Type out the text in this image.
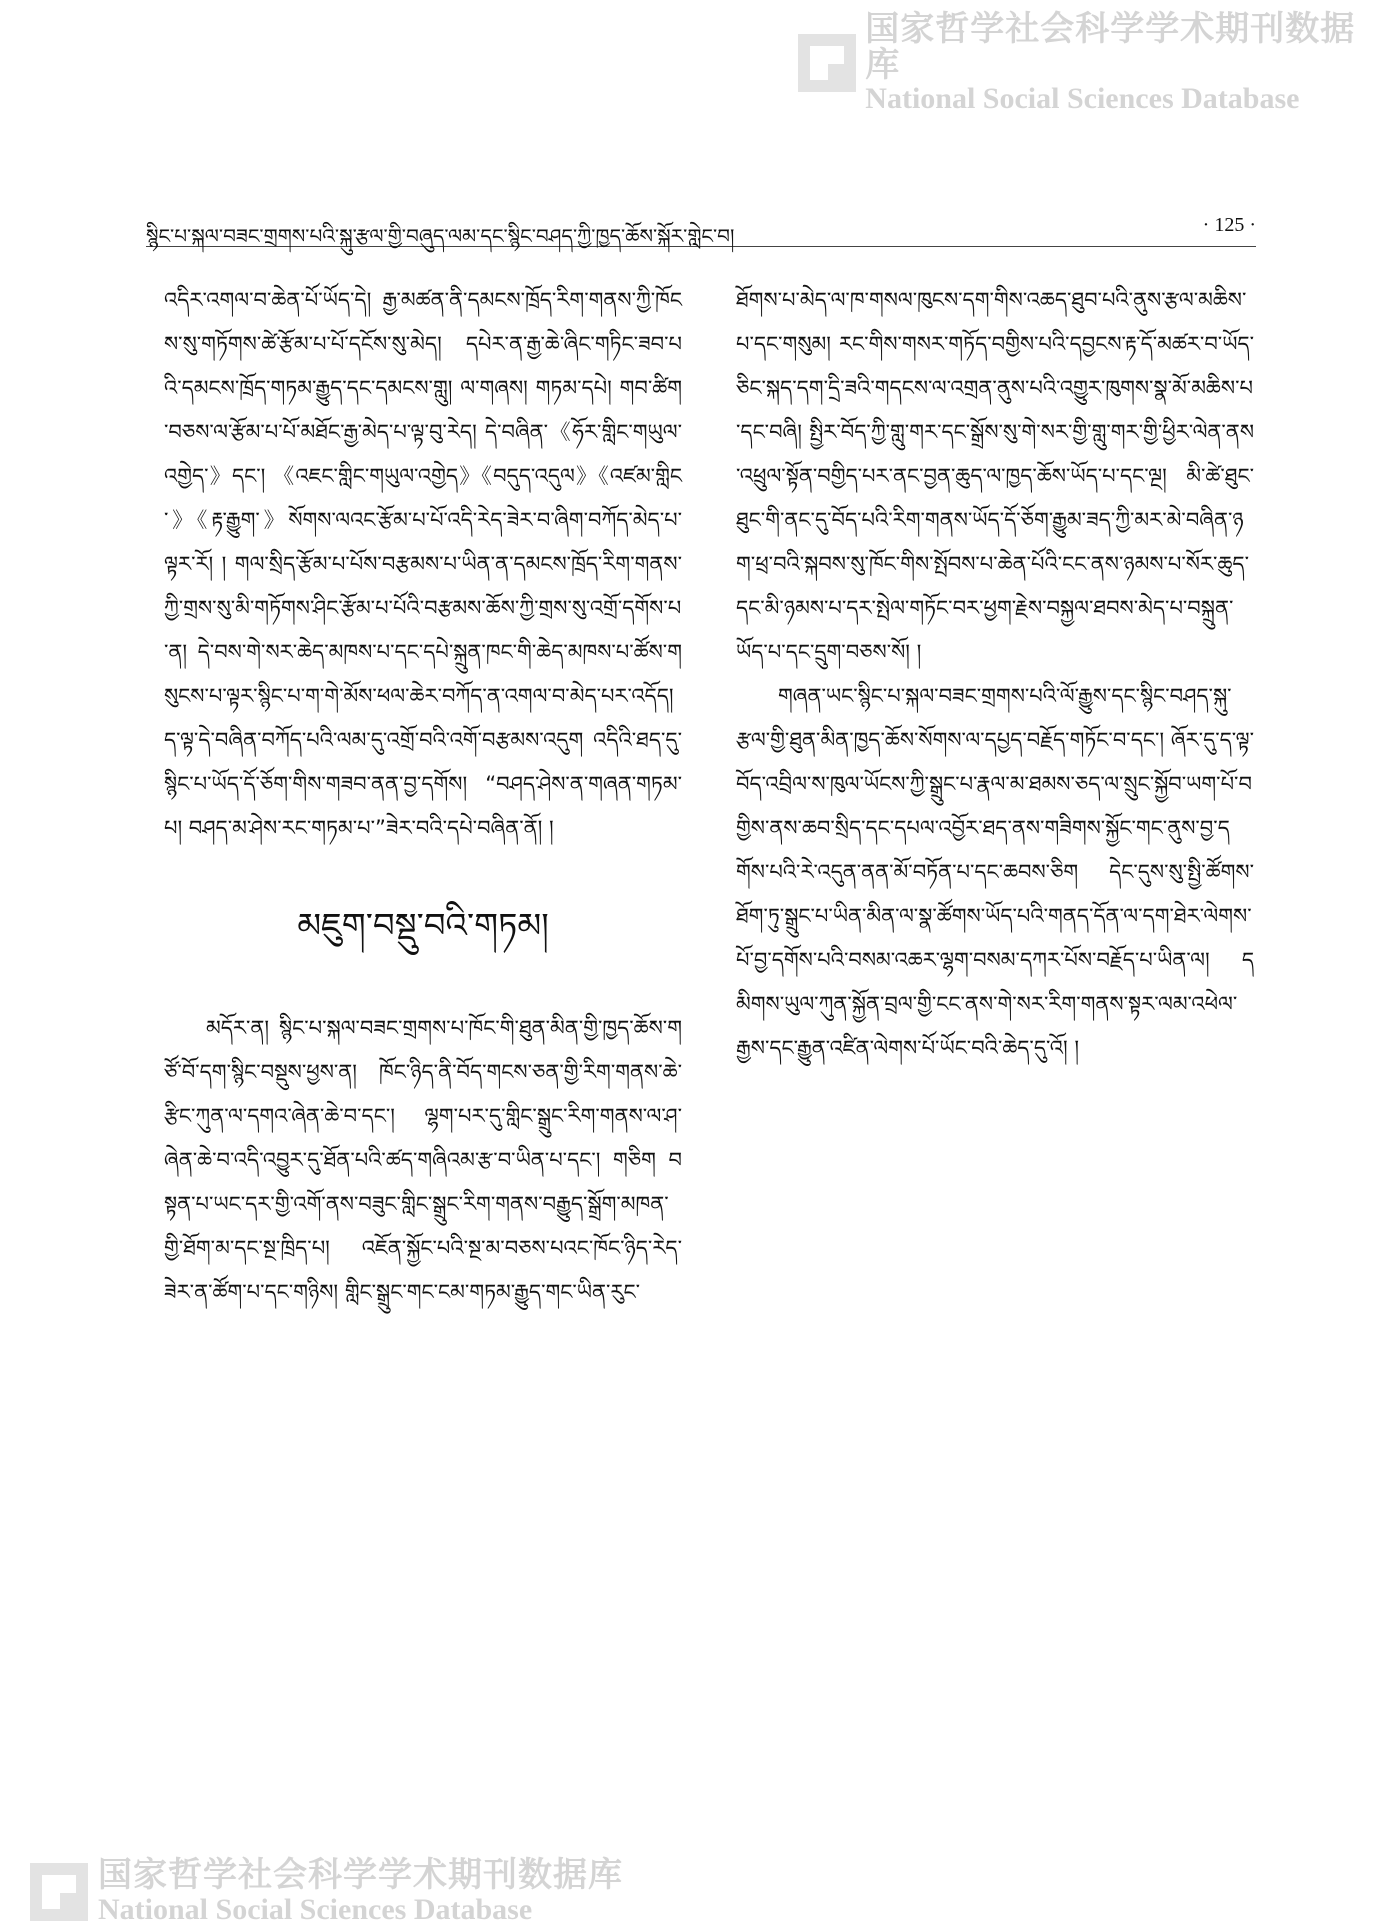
国家哲学社会科学学术期刊数据库
National Social Sciences Database
སྙིང་པ་སྐལ་བཟང་གྲགས་པའི་སྐུ་རྩལ་གྱི་བཞུད་ལམ་དང་སྙིང་བཤད་ཀྱི་ཁྱད་ཆོས་སྐོར་གླེང་བ།	· 125 ·

འདིར་འགལ་བ་ཆེན་པོ་ཡོད་དེ། རྒྱ་མཚན་ནི་དམངས་ཁྲོད་རིག་གནས་ཀྱི་ཁོངས་སུ་གཏོགས་ཚེ་རྩོམ་པ་པོ་དངོས་སུ་མེད། དཔེར་ན་རྒྱ་ཆེ་ཞིང་གཏིང་ཟབ་པའི་དམངས་ཁྲོད་གཏམ་རྒྱུད་དང་དམངས་གླུ། ལ་གཞས། གཏམ་དཔེ། གབ་ཚིག་བཅས་ལ་རྩོམ་པ་པོ་མཐོང་རྒྱ་མེད་པ་ལྟ་བུ་རེད། དེ་བཞིན་《ཧོར་གླིང་གཡུལ་འགྱེད་》དང་། 《འཇང་གླིང་གཡུལ་འགྱེད》《བདུད་འདུལ》《འཛམ་གླིང་》《རྟ་རྒྱུག་》སོགས་ལའང་རྩོམ་པ་པོ་འདི་རེད་ཟེར་བ་ཞིག་བཀོད་མེད་པ་ལྟར་རོ། ། གལ་སྲིད་རྩོམ་པ་པོས་བརྩམས་པ་ཡིན་ན་དམངས་ཁྲོད་རིག་གནས་ཀྱི་གྲས་སུ་མི་གཏོགས་ཤིང་རྩོམ་པ་པོའི་བརྩམས་ཆོས་ཀྱི་གྲས་སུ་འགྲོ་དགོས་པ་ན། དེ་བས་གེ་སར་ཆེད་མཁས་པ་དང་དཔེ་སྐྲུན་ཁང་གི་ཆེད་མཁས་པ་ཚོས་གསུངས་པ་ལྟར་སྙིང་པ་ག་གེ་མོས་ཕལ་ཆེར་བཀོད་ན་འགལ་བ་མེད་པར་འདོད། ད་ལྟ་དེ་བཞིན་བཀོད་པའི་ལམ་དུ་འགྲོ་བའི་འགོ་བརྩམས་འདུག འདིའི་ཐད་དུ་སྙིང་པ་ཡོད་དོ་ཅོག་གིས་གཟབ་ནན་བྱ་དགོས། “བཤད་ཤེས་ན་གཞན་གཏམ་པ། བཤད་མ་ཤེས་རང་གཏམ་པ་”ཟེར་བའི་དཔེ་བཞིན་ནོ། །

མཇུག་བསྡུ་བའི་གཏམ།

མདོར་ན། སྙིང་པ་སྐལ་བཟང་གྲགས་པ་ཁོང་གི་ཐུན་མིན་གྱི་ཁྱད་ཆོས་གཙོ་བོ་དག་སྙིང་བསྡུས་ཕྱས་ན། ཁོང་ཉིད་ནི་བོད་གངས་ཅན་གྱི་རིག་གནས་ཆེ་རྩིང་ཀུན་ལ་དགའ་ཞེན་ཆེ་བ་དང་། ལྷག་པར་དུ་གླིང་སྒྲུང་རིག་གནས་ལ་ཤ་ཞེན་ཆེ་བ་འདི་འབྱུར་དུ་ཐོན་པའི་ཚད་གཞིའམ་རྩ་བ་ཡིན་པ་དང་། གཅིག བསྟན་པ་ཡང་དར་གྱི་འགོ་ནས་བཟུང་གླིང་སྒྲུང་རིག་གནས་བརྒྱུད་སྒྲོག་མཁན་གྱི་ཐོག་མ་དང་སྔ་ཁྲིད་པ། འཇོན་སྐྱོང་པའི་སྔ་མ་བཅས་པའང་ཁོང་ཉིད་རེད་ཟེར་ན་ཚོག་པ་དང་གཉིས། གླིང་སྒྲུང་གང་ངམ་གཏམ་རྒྱུད་གང་ཡིན་རུང་

ཐོགས་པ་མེད་ལ་ཁ་གསལ་ཁུངས་དག་གིས་འཆད་ཐུབ་པའི་ནུས་རྩལ་མཆིས་པ་དང་གསུམ། རང་གིས་གསར་གཏོད་བགྱིས་པའི་དབྱངས་རྟ་དོ་མཚར་བ་ཡོད་ཅིང་སྐད་དག་དྲི་ཟའི་གདངས་ལ་འགྲན་ནུས་པའི་འགྱུར་ཁུགས་སྣ་མོ་མཆིས་པ་དང་བཞི། སྤྱིར་བོད་ཀྱི་གླུ་གར་དང་སྒྲོས་སུ་གེ་སར་གྱི་གླུ་གར་གྱི་ཕྱིར་ལེན་ནས་འཕྲུལ་སྟོན་བགྱིད་པར་ནང་བྱན་ཆུད་ལ་ཁྱད་ཆོས་ཡོད་པ་དང་ལྔ། མི་ཚེ་ཐུང་ཐུང་གི་ནང་དུ་བོད་པའི་རིག་གནས་ཡོད་དོ་ཅོག་རྒྱུམ་ཟད་ཀྱི་མར་མེ་བཞིན་ཉག་ཕྲ་བའི་སྐབས་སུ་ཁོང་གིས་སྤོབས་པ་ཆེན་པོའི་ངང་ནས་ཉམས་པ་སོར་ཆུད་དང་མི་ཉམས་པ་དར་སྤེལ་གཏོང་བར་ཕྱག་རྗེས་བསྐྱལ་ཐབས་མེད་པ་བསྐྲུན་ཡོད་པ་དང་དྲུག་བཅས་སོ། །

གཞན་ཡང་སྙིང་པ་སྐལ་བཟང་གྲགས་པའི་ལོ་རྒྱུས་དང་སྙིང་བཤད་སྐུ་རྩལ་གྱི་ཐུན་མིན་ཁྱད་ཆོས་སོགས་ལ་དཔྱད་བརྗོད་གཏོང་བ་དང་། ཞོར་དུ་ད་ལྟ་བོད་འབྲིལ་ས་ཁུལ་ཡོངས་ཀྱི་སྒྲུང་པ་རྣལ་མ་ཐམས་ཅད་ལ་སྲུང་སྐྱོབ་ཡག་པོ་བགྱིས་ནས་ཆབ་སྲིད་དང་དཔལ་འབྱོར་ཐད་ནས་གཟིགས་སྐྱོང་གང་ནུས་བྱ་དགོས་པའི་རེ་འདུན་ནན་མོ་བཏོན་པ་དང་ཆབས་ཅིག དེང་དུས་སུ་སྤྱི་ཚོགས་ཐོག་ཏུ་སྒྲུང་པ་ཡིན་མིན་ལ་སྣ་ཚོགས་ཡོད་པའི་གནད་དོན་ལ་དག་ཐེར་ལེགས་པོ་བྱ་དགོས་པའི་བསམ་འཆར་ལྷག་བསམ་དཀར་པོས་བརྗོད་པ་ཡིན་ལ། དམིགས་ཡུལ་ཀུན་སྐྱོན་བྲལ་གྱི་ངང་ནས་གེ་སར་རིག་གནས་སྟར་ལམ་འཕེལ་རྒྱས་དང་རྒྱུན་འཛིན་ལེགས་པོ་ཡོང་བའི་ཆེད་དུ་འོ། །

国家哲学社会科学学术期刊数据库
National Social Sciences Database
